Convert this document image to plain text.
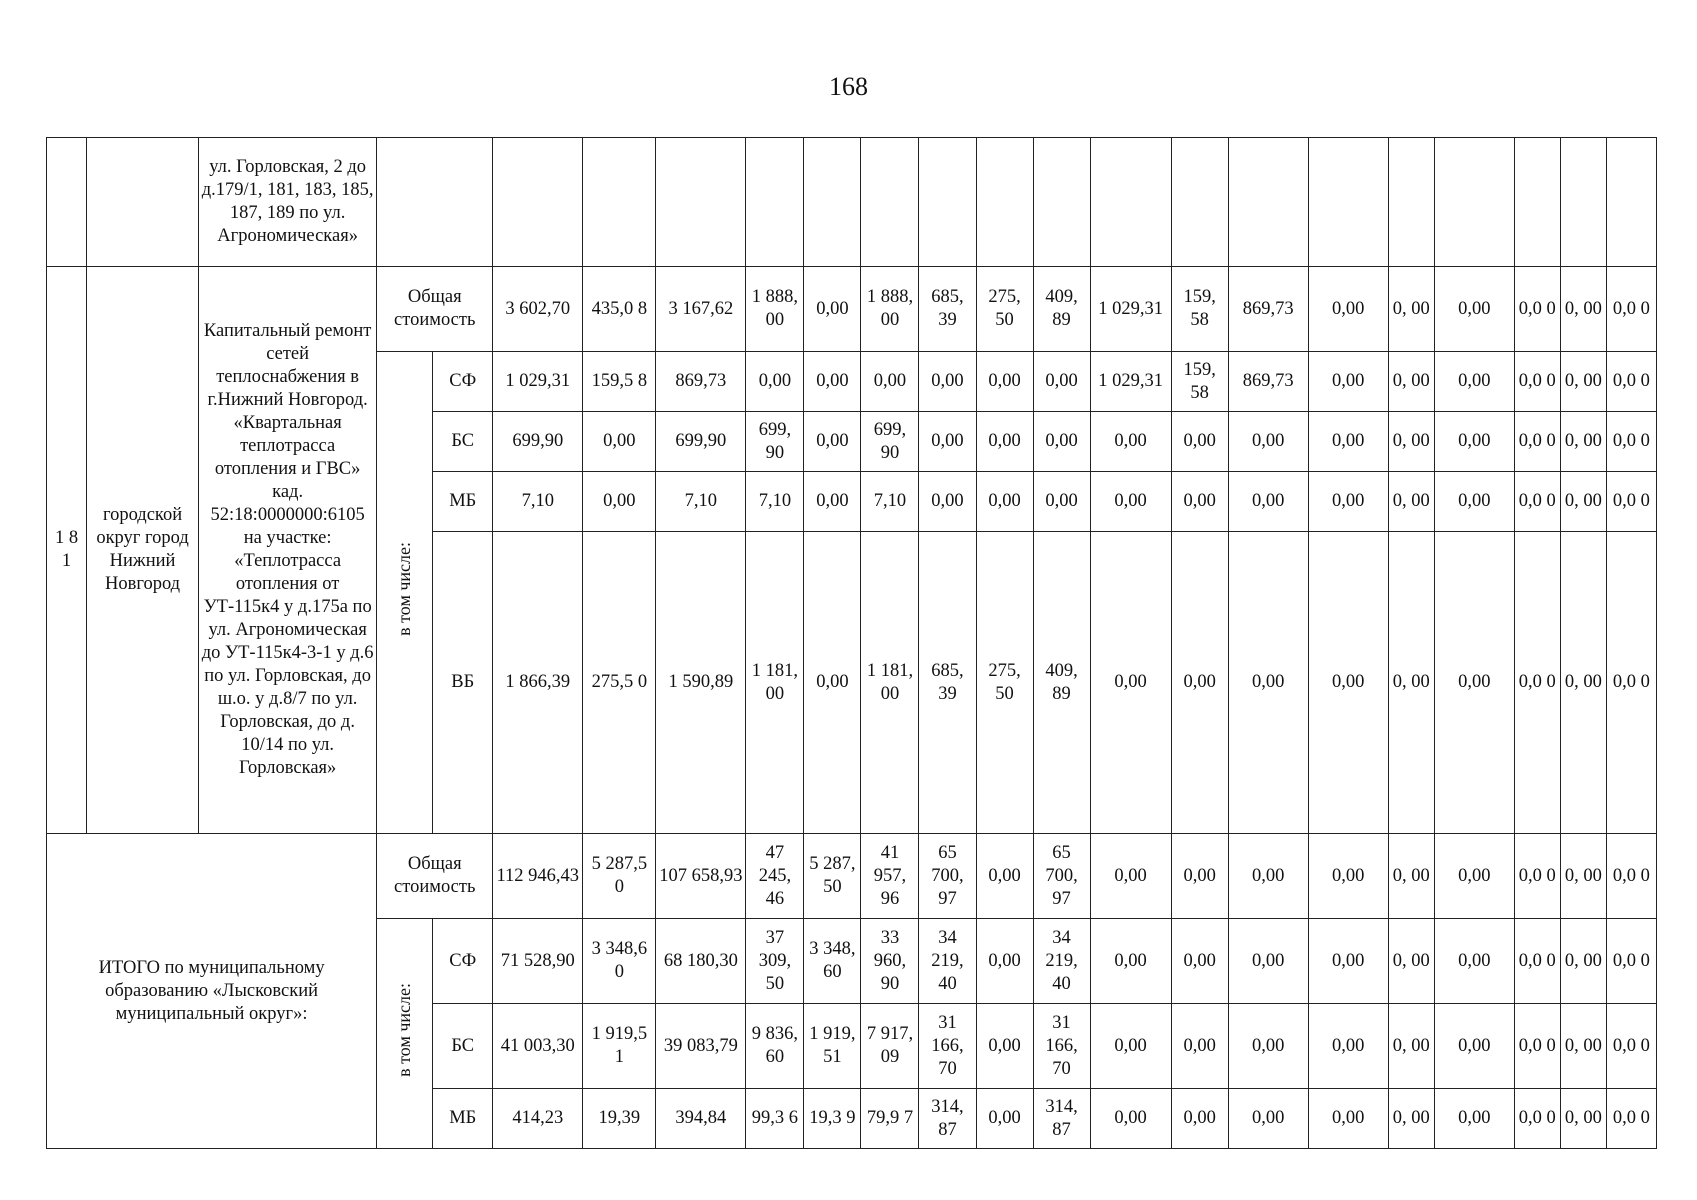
168
		ул. Горловская, 2 до д.179/1, 181, 183, 185, 187, 189 по ул. Агрономическая»																				
1 8 1	городской округ город Нижний Новгород	Капитальный ремонт сетей теплоснабжения в г.Нижний Новгород. «Квартальная теплотрасса отопления и ГВС» кад. 52:18:0000000:6105 на участке: «Теплотрасса отопления от УТ-115к4 у д.175а по ул. Агрономическая до УТ-115к4-3-1 у д.6 по ул. Горловская, до ш.о. у д.8/7 по ул. Горловская, до д. 10/14 по ул. Горловская»	Общая стоимость		3 602,70	435,0 8	3 167,62	1 888, 00	0,00	1 888, 00	685, 39	275, 50	409, 89	1 029,31	159, 58	869,73	0,00	0, 00	0,00	0,0 0	0, 00	0,0 0
			в том числе:	СФ	1 029,31	159,5 8	869,73	0,00	0,00	0,00	0,00	0,00	0,00	1 029,31	159, 58	869,73	0,00	0, 00	0,00	0,0 0	0, 00	0,0 0
				БС	699,90	0,00	699,90	699, 90	0,00	699, 90	0,00	0,00	0,00	0,00	0,00	0,00	0,00	0, 00	0,00	0,0 0	0, 00	0,0 0
				МБ	7,10	0,00	7,10	7,10	0,00	7,10	0,00	0,00	0,00	0,00	0,00	0,00	0,00	0, 00	0,00	0,0 0	0, 00	0,0 0
				ВБ	1 866,39	275,5 0	1 590,89	1 181, 00	0,00	1 181, 00	685, 39	275, 50	409, 89	0,00	0,00	0,00	0,00	0, 00	0,00	0,0 0	0, 00	0,0 0
ИТОГО по муниципальному образованию «Лысковский муниципальный округ»:			Общая стоимость		112 946,43	5 287,5 0	107 658,93	47 245, 46	5 287, 50	41 957, 96	65 700, 97	0,00	65 700, 97	0,00	0,00	0,00	0,00	0, 00	0,00	0,0 0	0, 00	0,0 0
			в том числе:	СФ	71 528,90	3 348,6 0	68 180,30	37 309, 50	3 348, 60	33 960, 90	34 219, 40	0,00	34 219, 40	0,00	0,00	0,00	0,00	0, 00	0,00	0,0 0	0, 00	0,0 0
				БС	41 003,30	1 919,5 1	39 083,79	9 836, 60	1 919, 51	7 917, 09	31 166, 70	0,00	31 166, 70	0,00	0,00	0,00	0,00	0, 00	0,00	0,0 0	0, 00	0,0 0
				МБ	414,23	19,39	394,84	99,3 6	19,3 9	79,9 7	314, 87	0,00	314, 87	0,00	0,00	0,00	0,00	0, 00	0,00	0,0 0	0, 00	0,0 0
